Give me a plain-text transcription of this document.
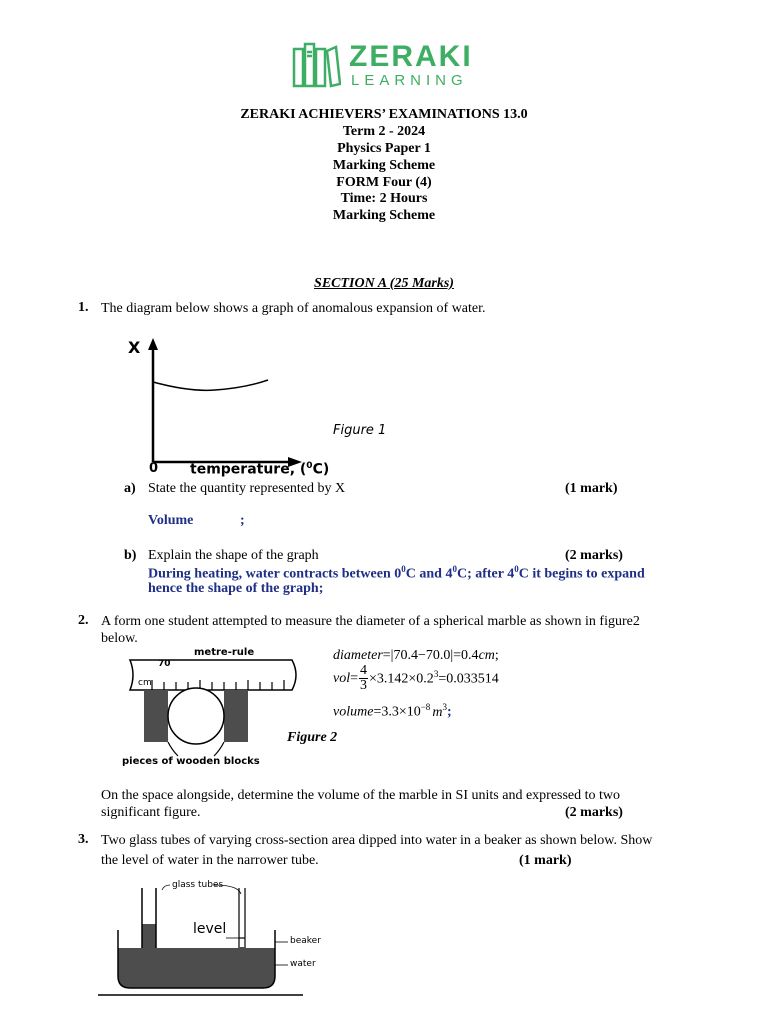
ZERAKI
LEARNING
ZERAKI ACHIEVERS’ EXAMINATIONS 13.0
Term 2 - 2024
Physics Paper 1
Marking Scheme
FORM Four (4)
Time: 2 Hours
Marking Scheme
SECTION A (25 Marks)
1. The diagram below shows a graph of anomalous expansion of water.
X
0 temperature, ($^0$C)
Figure 1
a) State the quantity represented by X	(1 mark)
Volume	;
b) Explain the shape of the graph	(2 marks)
During heating, water contracts between $0^0C$ and $4^0C$; after $4^0C$ it begins to expand
hence the shape of the graph;
2. A form one student attempted to measure the diameter of a spherical marble as shown in figure2
below.
metre-rule
70
cm
pieces of wooden blocks
Figure 2
diameter=|70.4−70.0|=0.4cm;
$vol= \frac{4}{3} \times 3.142\times 0.2^3=0.033514$
$volume=3.3\times 10^{-8}$ $m^3$;
On the space alongside, determine the volume of the marble in SI units and expressed to two
significant figure.	(2 marks)
3. Two glass tubes of varying cross-section area dipped into water in a beaker as shown below. Show
the level of water in the narrower tube.	(1 mark)
glass tubes
level
beaker
water
